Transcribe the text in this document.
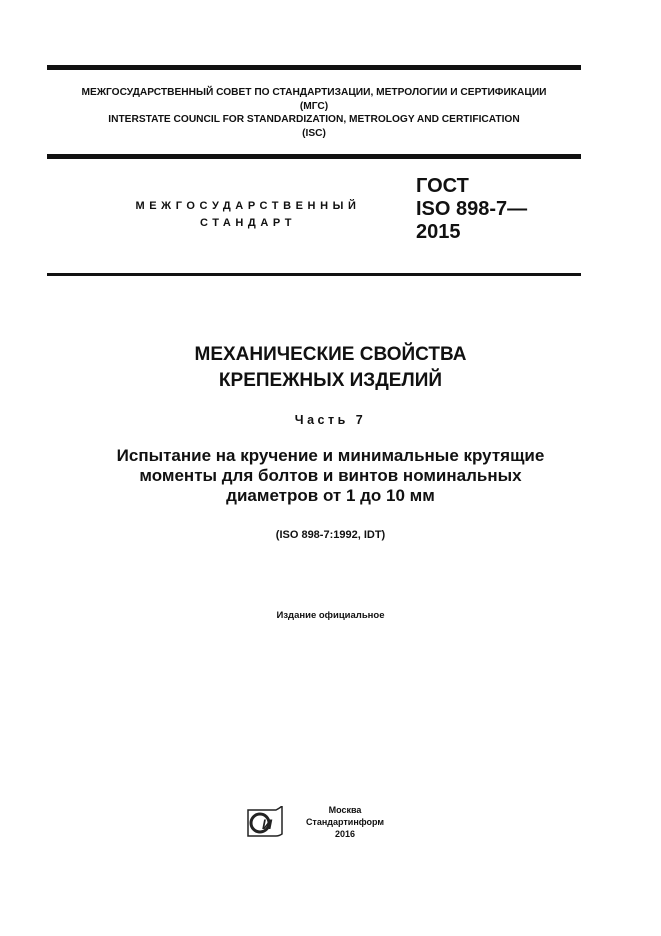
МЕЖГОСУДАРСТВЕННЫЙ СОВЕТ ПО СТАНДАРТИЗАЦИИ, МЕТРОЛОГИИ И СЕРТИФИКАЦИИ
(МГС)
INTERSTATE COUNCIL FOR STANDARDIZATION, METROLOGY AND CERTIFICATION
(ISC)
МЕЖГОСУДАРСТВЕННЫЙ
СТАНДАРТ
ГОСТ
ISO 898-7—
2015
МЕХАНИЧЕСКИЕ СВОЙСТВА
КРЕПЕЖНЫХ ИЗДЕЛИЙ
Часть 7
Испытание на кручение и минимальные крутящие
моменты для болтов и винтов номинальных
диаметров от 1 до 10 мм
(ISO 898-7:1992, IDT)
Издание официальное
И
Москва
Стандартинформ
2016
